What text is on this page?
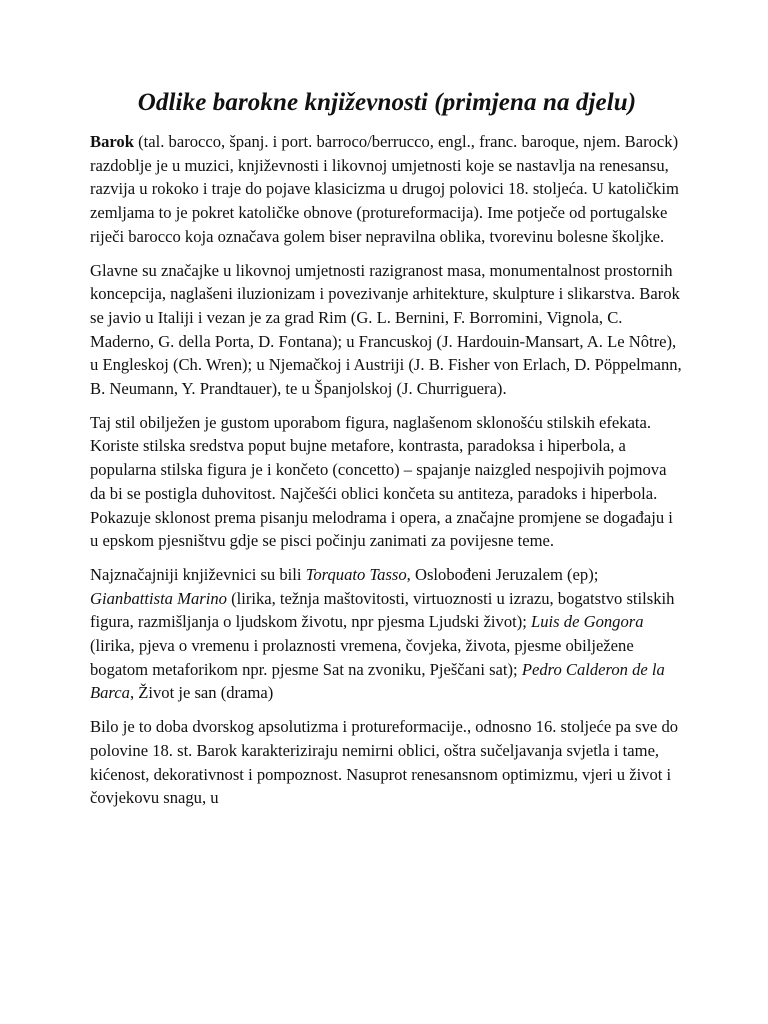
Odlike barokne književnosti (primjena na djelu)

Barok (tal. barocco, španj. i port. barroco/berrucco, engl., franc. baroque, njem. Barock) razdoblje je u muzici, književnosti i likovnoj umjetnosti koje se nastavlja na renesansu, razvija u rokoko i traje do pojave klasicizma u drugoj polovici 18. stoljeća. U katoličkim zemljama to je pokret katoličke obnove (protureformacija). Ime potječe od portugalske riječi barocco koja označava golem biser nepravilna oblika, tvorevinu bolesne školjke.

Glavne su značajke u likovnoj umjetnosti razigranost masa, monumentalnost prostornih koncepcija, naglašeni iluzionizam i povezivanje arhitekture, skulpture i slikarstva. Barok se javio u Italiji i vezan je za grad Rim (G. L. Bernini, F. Borromini, Vignola, C. Maderno, G. della Porta, D. Fontana); u Francuskoj (J. Hardouin-Mansart, A. Le Nôtre), u Engleskoj (Ch. Wren); u Njemačkoj i Austriji (J. B. Fisher von Erlach, D. Pöppelmann, B. Neumann, Y. Prandtauer), te u Španjolskoj (J. Churriguera).

Taj stil obilježen je gustom uporabom figura, naglašenom sklonošću stilskih efekata. Koriste stilska sredstva poput bujne metafore, kontrasta, paradoksa i hiperbola, a popularna stilska figura je i končeto (concetto) – spajanje naizgled nespojivih pojmova da bi se postigla duhovitost. Najčešći oblici končeta su antiteza, paradoks i hiperbola. Pokazuje sklonost prema pisanju melodrama i opera, a značajne promjene se događaju i u epskom pjesništvu gdje se pisci počinju zanimati za povijesne teme.

Najznačajniji književnici su bili Torquato Tasso, Oslobođeni Jeruzalem (ep); Gianbattista Marino (lirika, težnja maštovitosti, virtuoznosti u izrazu, bogatstvo stilskih figura, razmišljanja o ljudskom životu, npr pjesma Ljudski život); Luis de Gongora (lirika, pjeva o vremenu i prolaznosti vremena, čovjeka, života, pjesme obilježene bogatom metaforikom npr. pjesme Sat na zvoniku, Pješčani sat); Pedro Calderon de la Barca, Život je san (drama)

Bilo je to doba dvorskog apsolutizma i protureformacije., odnosno 16. stoljeće pa sve do polovine 18. st. Barok karakteriziraju nemirni oblici, oštra sučeljavanja svjetla i tame, kićenost, dekorativnost i pompoznost. Nasuprot renesansnom optimizmu, vjeri u život i čovjekovu snagu, u
